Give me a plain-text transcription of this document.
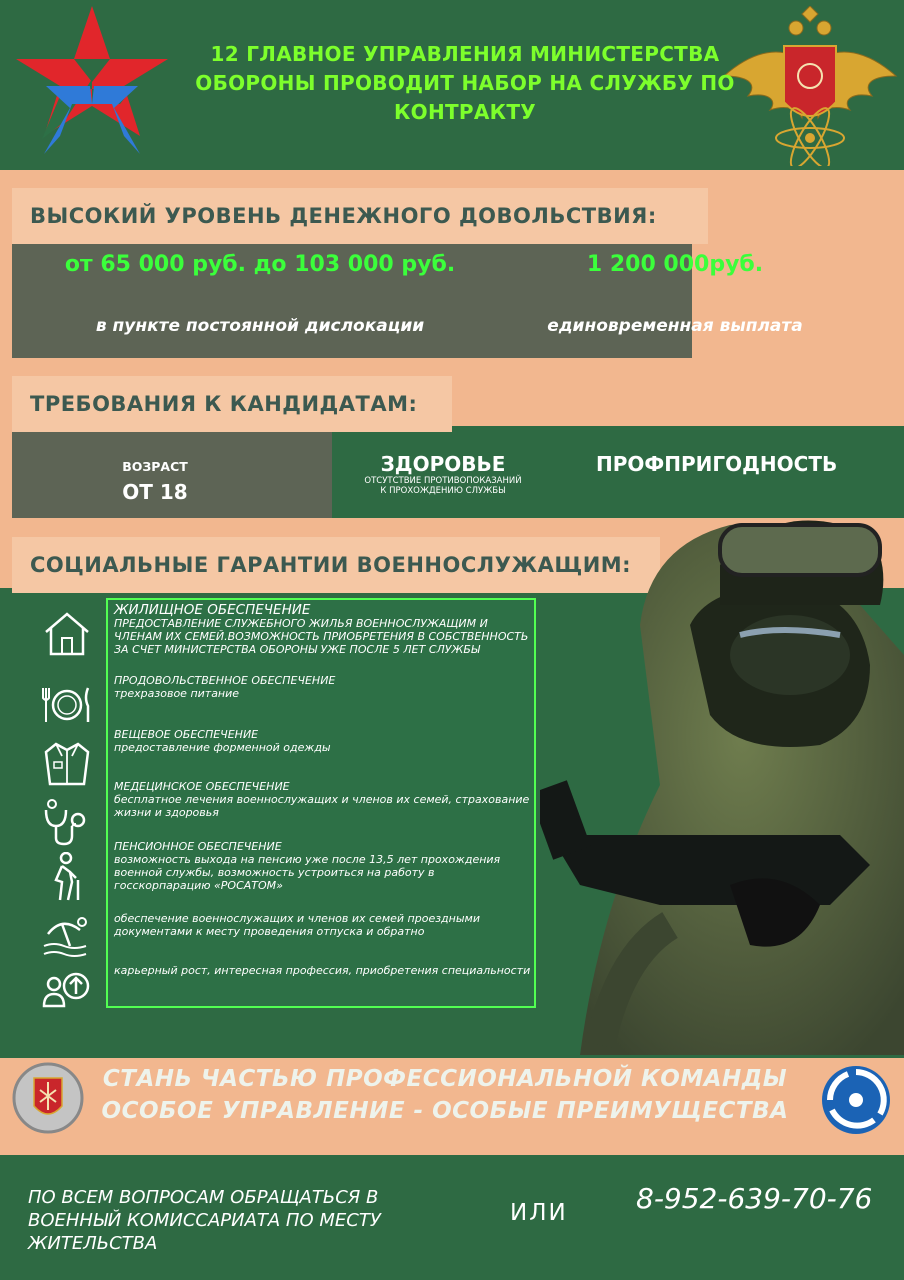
12 ГЛАВНОЕ УПРАВЛЕНИЯ МИНИСТЕРСТВА
ОБОРОНЫ ПРОВОДИТ НАБОР НА СЛУЖБУ ПО
КОНТРАКТУ
ВЫСОКИЙ УРОВЕНЬ ДЕНЕЖНОГО ДОВОЛЬСТВИЯ:
от 65 000 руб. до 103 000 руб.	1 200 000руб.
в пункте постоянной дислокации	единовременная выплата
ТРЕБОВАНИЯ К КАНДИДАТАМ:
ВОЗРАСТ
ОТ 18
ЗДОРОВЬЕ
ОТСУТСТВИЕ ПРОТИВОПОКАЗАНИЙ
К ПРОХОЖДЕНИЮ СЛУЖБЫ
ПРОФПРИГОДНОСТЬ
СОЦИАЛЬНЫЕ ГАРАНТИИ ВОЕННОСЛУЖАЩИМ:
ЖИЛИЩНОЕ ОБЕСПЕЧЕНИЕ
ПРЕДОСТАВЛЕНИЕ СЛУЖЕБНОГО ЖИЛЬЯ ВОЕННОСЛУЖАЩИМ И ЧЛЕНАМ ИХ СЕМЕЙ.ВОЗМОЖНОСТЬ ПРИОБРЕТЕНИЯ В СОБСТВЕННОСТЬ ЗА СЧЕТ МИНИСТЕРСТВА ОБОРОНЫ УЖЕ ПОСЛЕ 5 ЛЕТ СЛУЖБЫ
ПРОДОВОЛЬСТВЕННОЕ ОБЕСПЕЧЕНИЕ
трехразовое питание
ВЕЩЕВОЕ ОБЕСПЕЧЕНИЕ
предоставление форменной одежды
МЕДЕЦИНСКОЕ ОБЕСПЕЧЕНИЕ
бесплатное лечения военнослужащих и членов их семей, страхование жизни и здоровья
ПЕНСИОННОЕ ОБЕСПЕЧЕНИЕ
возможность выхода на пенсию уже после 13,5 лет прохождения военной службы, возможность устроиться на работу в госскорпарацию «РОСАТОМ»
обеспечение военнослужащих и членов их семей проездными документами к месту проведения отпуска и обратно
карьерный рост, интересная профессия, приобретения специальности
СТАНЬ ЧАСТЬЮ ПРОФЕССИОНАЛЬНОЙ КОМАНДЫ
ОСОБОЕ УПРАВЛЕНИЕ - ОСОБЫЕ ПРЕИМУЩЕСТВА
ПО ВСЕМ ВОПРОСАМ ОБРАЩАТЬСЯ В
ВОЕННЫЙ КОМИССАРИАТА ПО МЕСТУ
ЖИТЕЛЬСТВА
ИЛИ 8-952-639-70-76
